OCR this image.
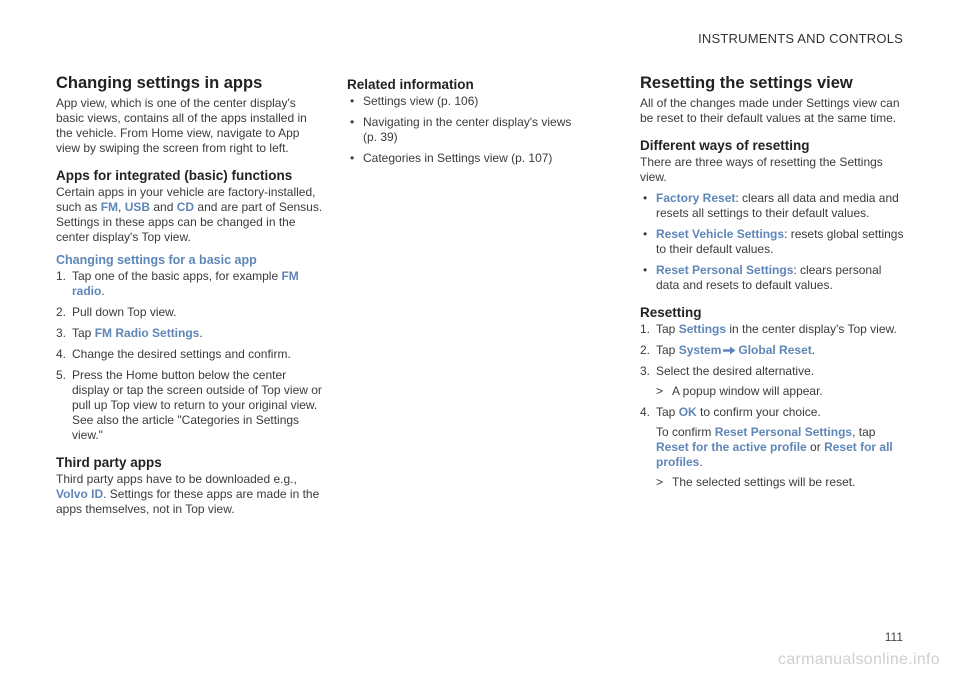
INSTRUMENTS AND CONTROLS
Changing settings in apps

App view, which is one of the center display's basic views, contains all of the apps installed in the vehicle. From Home view, navigate to App view by swiping the screen from right to left.

Apps for integrated (basic) functions

Certain apps in your vehicle are factory-installed, such as FM, USB and CD and are part of Sensus. Settings in these apps can be changed in the center display's Top view.

Changing settings for a basic app
1. Tap one of the basic apps, for example FM radio.
2. Pull down Top view.
3. Tap FM Radio Settings.
4. Change the desired settings and confirm.
5. Press the Home button below the center display or tap the screen outside of Top view or pull up Top view to return to your original view. See also the article "Categories in Settings view."
Third party apps

Third party apps have to be downloaded e.g., Volvo ID. Settings for these apps are made in the apps themselves, not in Top view.

Related information
• Settings view (p. 106)
• Navigating in the center display's views (p. 39)
• Categories in Settings view (p. 107)
Resetting the settings view

All of the changes made under Settings view can be reset to their default values at the same time.

Different ways of resetting

There are three ways of resetting the Settings view.

• Factory Reset: clears all data and media and resets all settings to their default values.
• Reset Vehicle Settings: resets global settings to their default values.
• Reset Personal Settings: clears personal data and resets to default values.
Resetting
1. Tap Settings in the center display's Top view.
2. Tap System Global Reset.
3. Select the desired alternative.
> A popup window will appear.
4. Tap OK to confirm your choice.
To confirm Reset Personal Settings, tap Reset for the active profile or Reset for all profiles.
> The selected settings will be reset.
111
carmanualsonline.info
